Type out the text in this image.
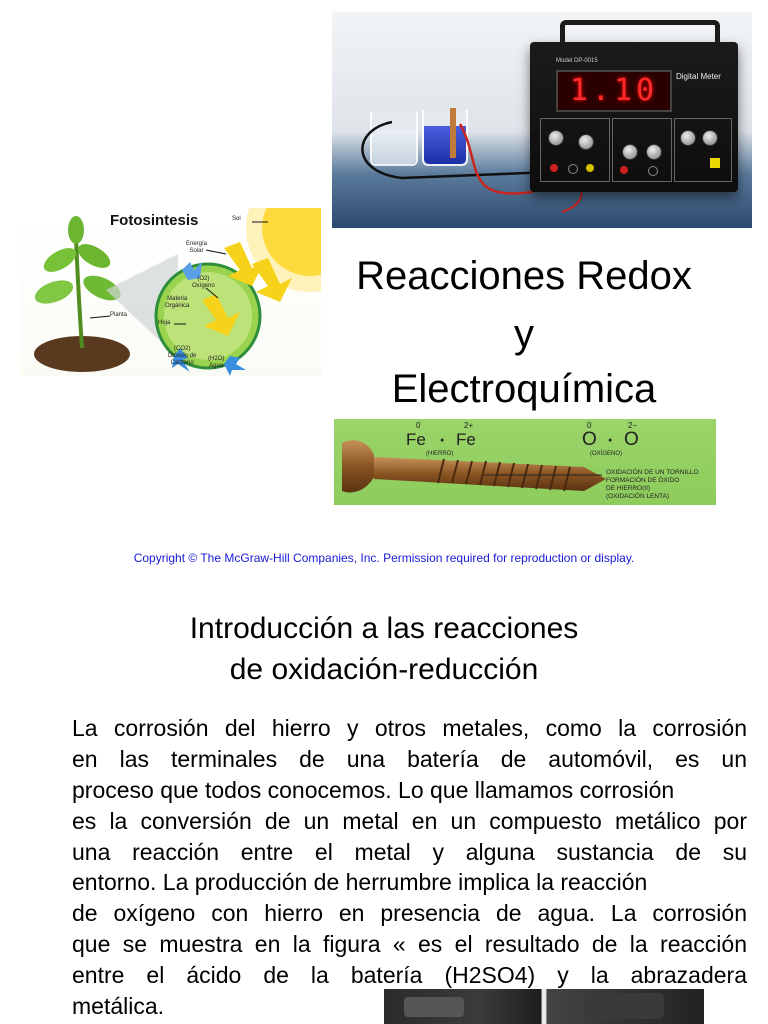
Model DP-0015
1.10	Digital Meter
Fotosintesis	Sol
Energía
Solar
(O2)
Oxígeno
Materia
Orgánica
Hoja
Planta
(CO2)
Dióxido de
Carbono
(H2O)
Agua
Reacciones Redox
y
Electroquímica
0	2+
Fe ● Fe
(HIERRO)
0	2−
O ● O
(OXÍGENO)
OXIDACIÓN DE UN TORNILLO
FORMACIÓN DE ÓXIDO
DE HIERRO(II)
(OXIDACIÓN LENTA)
Copyright © The McGraw-Hill Companies, Inc. Permission required for reproduction or display.
Introducción a las reacciones
de oxidación-reducción
La corrosión del hierro y otros metales, como la corrosión
en las terminales de una batería de automóvil, es un
proceso que todos conocemos. Lo que llamamos corrosión
es la conversión de un metal en un compuesto metálico por
una reacción entre el metal y alguna sustancia de su
entorno. La producción de herrumbre implica la reacción
de oxígeno con hierro en presencia de agua. La corrosión
que se muestra en la figura « es el resultado de la reacción
entre el ácido de la batería (H2SO4) y la abrazadera
metálica.
